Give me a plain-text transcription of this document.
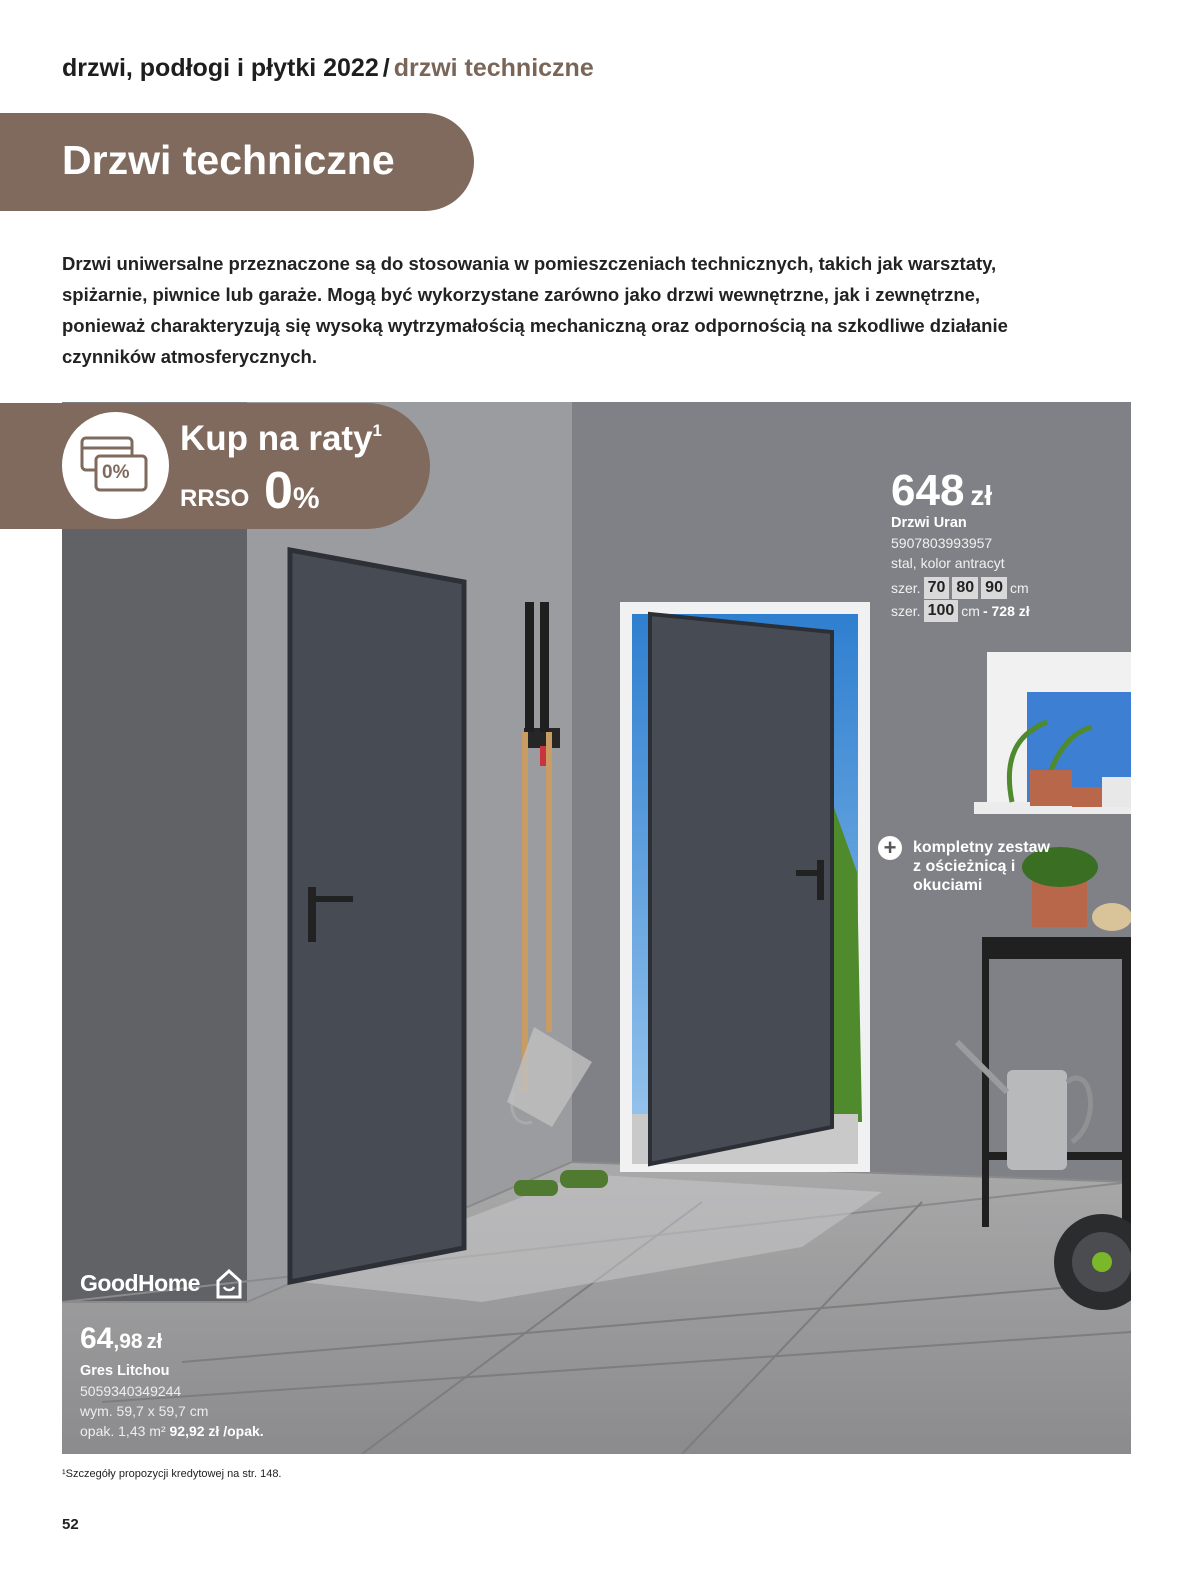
drzwi, podłogi i płytki 2022 / drzwi techniczne
Drzwi techniczne

Drzwi uniwersalne przeznaczone są do stosowania w pomieszczeniach technicznych, takich jak warsztaty, spiżarnie, piwnice lub garaże. Mogą być wykorzystane zarówno jako drzwi wewnętrzne, jak i zewnętrzne, ponieważ charakteryzują się wysoką wytrzymałością mechaniczną oraz odpornością na szkodliwe działanie czynników atmosferycznych.

0%
Kup na raty$^1$
RRSO 0%	648 zł
Drzwi Uran
5907803993957
stal, kolor antracyt
szer. 70 80 90 cm
szer. 100 cm - 728 zł
+	kompletny zestaw z ościeżnicą i okuciami
GoodHome
64,98 zł
Gres Litchou
5059340349244
wym. 59,7 x 59,7 cm
opak. 1,43 m² 92,92 zł /opak.
¹Szczegóły propozycji kredytowej na str. 148.
52
